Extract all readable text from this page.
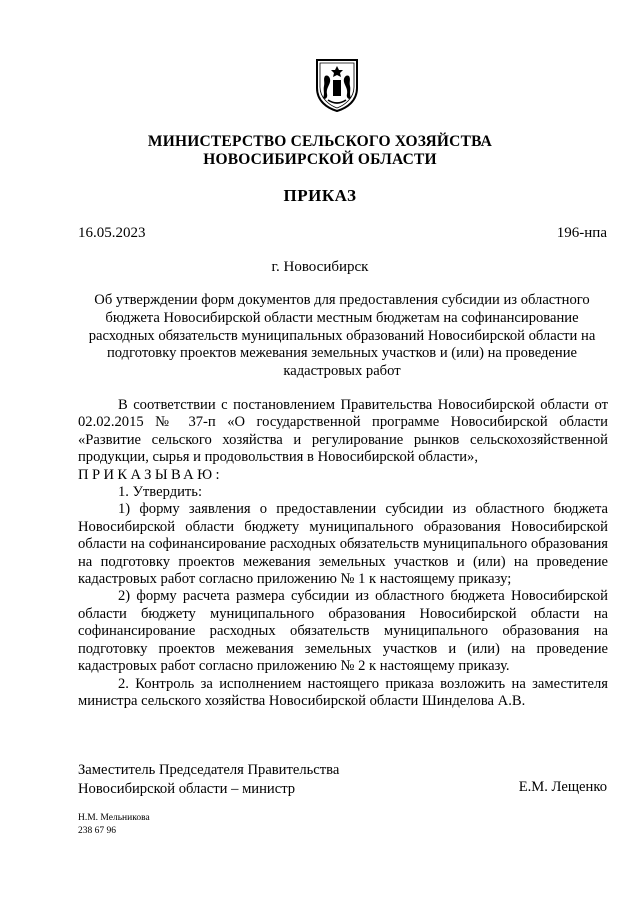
МИНИСТЕРСТВО СЕЛЬСКОГО ХОЗЯЙСТВА
НОВОСИБИРСКОЙ ОБЛАСТИ
ПРИКАЗ
16.05.2023	196-нпа
г. Новосибирск
Об утверждении форм документов для предоставления субсидии из областного бюджета Новосибирской области местным бюджетам на софинансирование расходных обязательств муниципальных образований Новосибирской области на подготовку проектов межевания земельных участков и (или) на проведение кадастровых работ

В соответствии с постановлением Правительства Новосибирской области от 02.02.2015 № 37-п «О государственной программе Новосибирской области «Развитие сельского хозяйства и регулирование рынков сельскохозяйственной продукции, сырья и продовольствия в Новосибирской области»,

ПРИКАЗЫВАЮ:

1. Утвердить:

1) форму заявления о предоставлении субсидии из областного бюджета Новосибирской области бюджету муниципального образования Новосибирской области на софинансирование расходных обязательств муниципального образования на подготовку проектов межевания земельных участков и (или) на проведение кадастровых работ согласно приложению № 1 к настоящему приказу;

2) форму расчета размера субсидии из областного бюджета Новосибирской области бюджету муниципального образования Новосибирской области на софинансирование расходных обязательств муниципального образования на подготовку проектов межевания земельных участков и (или) на проведение кадастровых работ согласно приложению № 2 к настоящему приказу.

2. Контроль за исполнением настоящего приказа возложить на заместителя министра сельского хозяйства Новосибирской области Шинделова А.В.

Заместитель Председателя Правительства
Новосибирской области – министр	Е.М. Лещенко
Н.М. Мельникова
238 67 96
